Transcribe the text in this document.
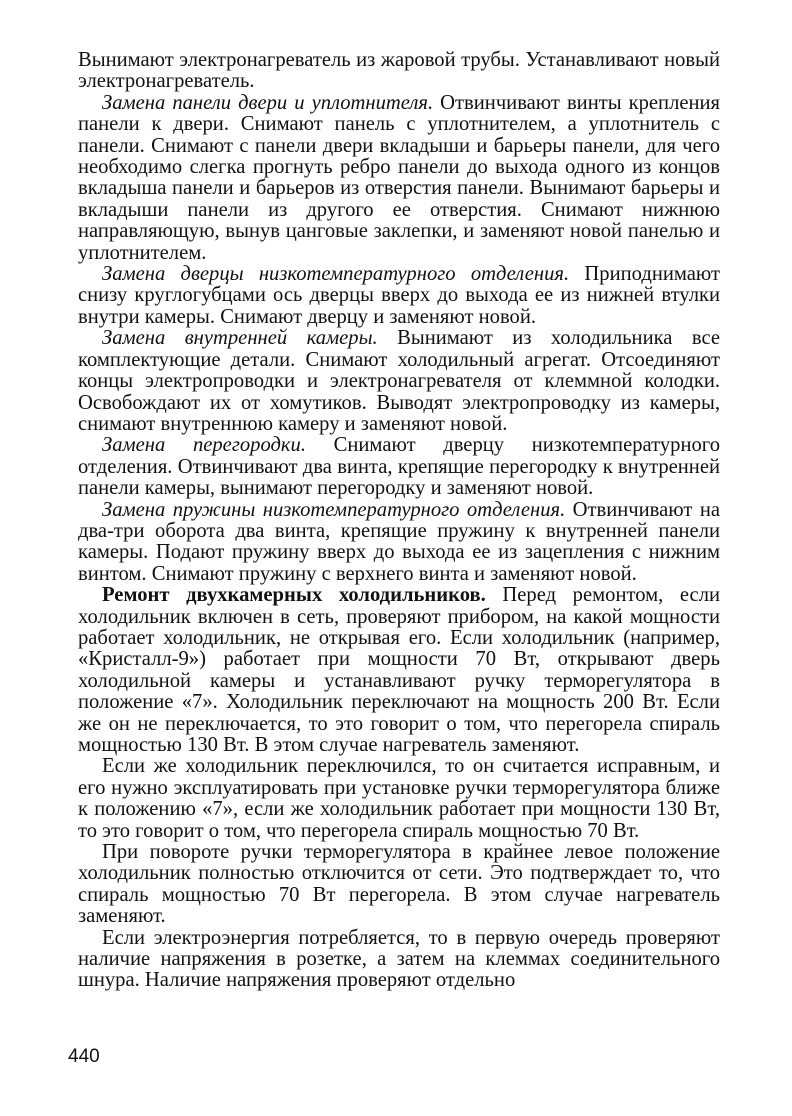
Вынимают электронагреватель из жаровой трубы. Устанавливают новый электронагреватель.

Замена панели двери и уплотнителя. Отвинчивают винты крепления панели к двери. Снимают панель с уплотнителем, а уплотнитель с панели. Снимают с панели двери вкладыши и барьеры панели, для чего необходимо слегка прогнуть ребро панели до выхода одного из концов вкладыша панели и барьеров из отверстия панели. Вынимают барьеры и вкладыши панели из другого ее отверстия. Снимают нижнюю направляющую, вынув цанговые заклепки, и заменяют новой панелью и уплотнителем.

Замена дверцы низкотемпературного отделения. Приподнимают снизу круглогубцами ось дверцы вверх до выхода ее из нижней втулки внутри камеры. Снимают дверцу и заменяют новой.

Замена внутренней камеры. Вынимают из холодильника все комплектующие детали. Снимают холодильный агрегат. Отсоединяют концы электропроводки и электронагревателя от клеммной колодки. Освобождают их от хомутиков. Выводят электропроводку из камеры, снимают внутреннюю камеру и заменяют новой.

Замена перегородки. Снимают дверцу низкотемпературного отделения. Отвинчивают два винта, крепящие перегородку к внутренней панели камеры, вынимают перегородку и заменяют новой.

Замена пружины низкотемпературного отделения. Отвинчивают на два-три оборота два винта, крепящие пружину к внутренней панели камеры. Подают пружину вверх до выхода ее из зацепления с нижним винтом. Снимают пружину с верхнего винта и заменяют новой.

Ремонт двухкамерных холодильников. Перед ремонтом, если холодильник включен в сеть, проверяют прибором, на какой мощности работает холодильник, не открывая его. Если холодильник (например, «Кристалл-9») работает при мощности 70 Вт, открывают дверь холодильной камеры и устанавливают ручку терморегулятора в положение «7». Холодильник переключают на мощность 200 Вт. Если же он не переключается, то это говорит о том, что перегорела спираль мощностью 130 Вт. В этом случае нагреватель заменяют.

Если же холодильник переключился, то он считается исправным, и его нужно эксплуатировать при установке ручки терморегулятора ближе к положению «7», если же холодильник работает при мощности 130 Вт, то это говорит о том, что перегорела спираль мощностью 70 Вт.

При повороте ручки терморегулятора в крайнее левое положение холодильник полностью отключится от сети. Это подтверждает то, что спираль мощностью 70 Вт перегорела. В этом случае нагреватель заменяют.

Если электроэнергия потребляется, то в первую очередь проверяют наличие напряжения в розетке, а затем на клеммах соединительного шнура. Наличие напряжения проверяют отдельно

440
